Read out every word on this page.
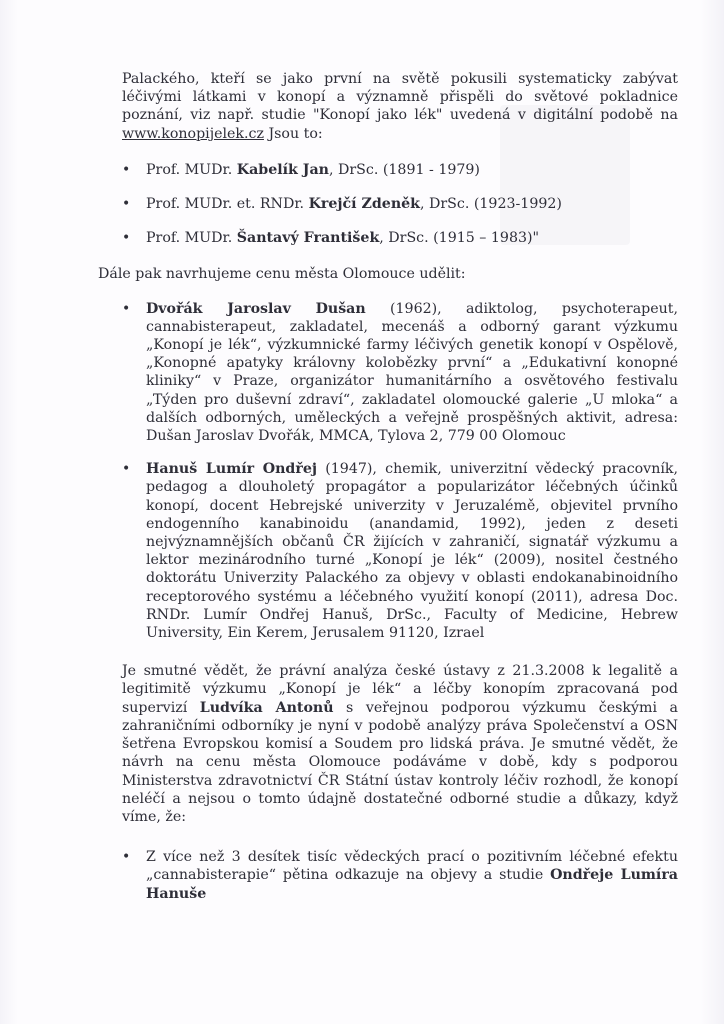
Palackého, kteří se jako první na světě pokusili systematicky zabývat léčivými látkami v konopí a významně přispěli do světové pokladnice poznání, viz např. studie "Konopí jako lék" uvedená v digitální podobě na www.konopijelek.cz Jsou to:

• Prof. MUDr. Kabelík Jan, DrSc. (1891 - 1979)
• Prof. MUDr. et. RNDr. Krejčí Zdeněk, DrSc. (1923-1992)
• Prof. MUDr. Šantavý František, DrSc. (1915 – 1983)"

Dále pak navrhujeme cenu města Olomouce udělit:

• Dvořák Jaroslav Dušan (1962), adiktolog, psychoterapeut, cannabisterapeut, zakladatel, mecenáš a odborný garant výzkumu „Konopí je lék“, výzkumnické farmy léčivých genetik konopí v Ospělově, „Konopné apatyky královny kolobězky první“ a „Edukativní konopné kliniky“ v Praze, organizátor humanitárního a osvětového festivalu „Týden pro duševní zdraví“, zakladatel olomoucké galerie „U mloka“ a dalších odborných, uměleckých a veřejně prospěšných aktivit, adresa: Dušan Jaroslav Dvořák, MMCA, Tylova 2, 779 00 Olomouc
• Hanuš Lumír Ondřej (1947), chemik, univerzitní vědecký pracovník, pedagog a dlouholetý propagátor a popularizátor léčebných účinků konopí, docent Hebrejské univerzity v Jeruzalémě, objevitel prvního endogenního kanabinoidu (anandamid, 1992), jeden z deseti nejvýznamnějších občanů ČR žijících v zahraničí, signatář výzkumu a lektor mezinárodního turné „Konopí je lék“ (2009), nositel čestného doktorátu Univerzity Palackého za objevy v oblasti endokanabinoidního receptorového systému a léčebného využití konopí (2011), adresa Doc. RNDr. Lumír Ondřej Hanuš, DrSc., Faculty of Medicine, Hebrew University, Ein Kerem, Jerusalem 91120, Izrael

Je smutné vědět, že právní analýza české ústavy z 21.3.2008 k legalitě a legitimitě výzkumu „Konopí je lék“ a léčby konopím zpracovaná pod supervizí Ludvíka Antonů s veřejnou podporou výzkumu českými a zahraničními odborníky je nyní v podobě analýzy práva Společenství a OSN šetřena Evropskou komisí a Soudem pro lidská práva. Je smutné vědět, že návrh na cenu města Olomouce podáváme v době, kdy s podporou Ministerstva zdravotnictví ČR Státní ústav kontroly léčiv rozhodl, že konopí neléčí a nejsou o tomto údajně dostatečné odborné studie a důkazy, když víme, že:

• Z více než 3 desítek tisíc vědeckých prací o pozitivním léčebné efektu „cannabisterapie“ pětina odkazuje na objevy a studie Ondřeje Lumíra Hanuše
